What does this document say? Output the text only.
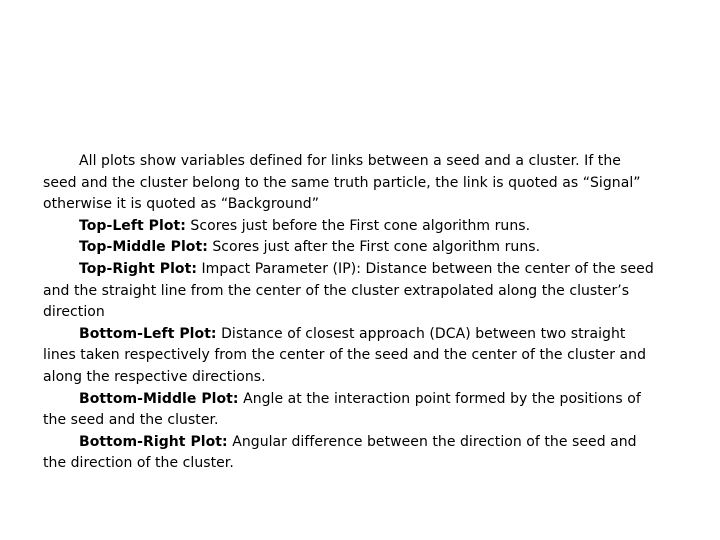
All plots show variables defined for links between a seed and a cluster. If the seed and the cluster belong to the same truth particle, the link is quoted as “Signal” otherwise it is quoted as “Background”

Top-Left Plot: Scores just before the First cone algorithm runs.

Top-Middle Plot: Scores just after the First cone algorithm runs.

Top-Right Plot: Impact Parameter (IP): Distance between the center of the seed and the straight line from the center of the cluster extrapolated along the cluster’s direction

Bottom-Left Plot: Distance of closest approach (DCA) between two straight lines taken respectively from the center of the seed and the center of the cluster and along the respective directions.

Bottom-Middle Plot: Angle at the interaction point formed by the positions of the seed and the cluster.

Bottom-Right Plot: Angular difference between the direction of the seed and the direction of the cluster.
